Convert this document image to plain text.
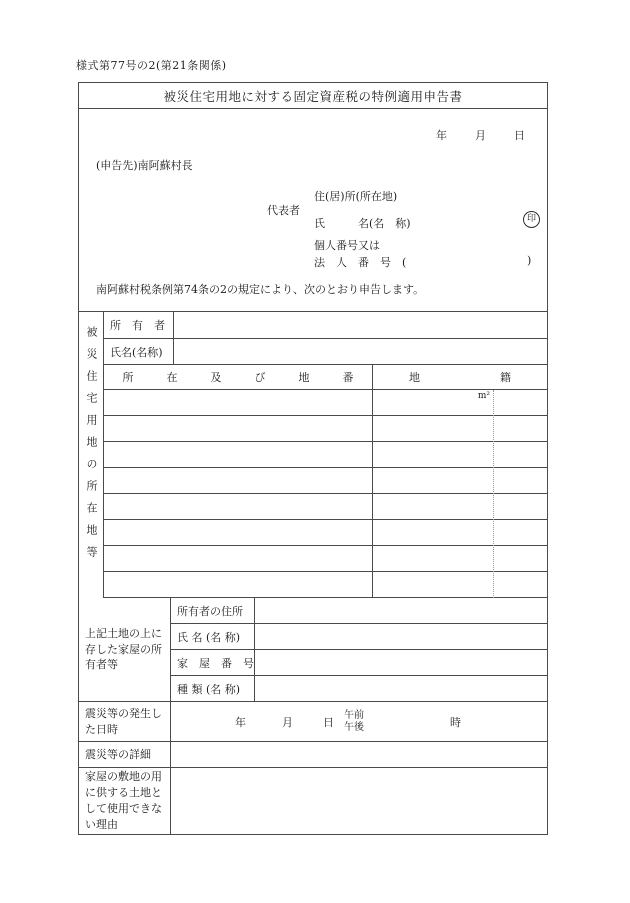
様式第77号の2(第21条関係)
被災住宅用地に対する固定資産税の特例適用申告書
年	月	日
(申告先)南阿蘇村長
代表者
住(居)所(所在地)
氏　　　名(名　称)	印
個人番号又は
法　人　番　号　(	)
南阿蘇村税条例第74条の2の規定により、次のとおり申告します。
被災住宅用地の所在地等
所　有　者
氏名(名称)
所在及び地番 地籍
m²
上記土地の上に存した家屋の所有者等
所有者の住所
氏 名 (名 称)
家　屋　番　号
種 類 (名 称)
震災等の発生した日時
年	月	日
午前
午後	時
震災等の詳細
家屋の敷地の用に供する土地として使用できない理由
